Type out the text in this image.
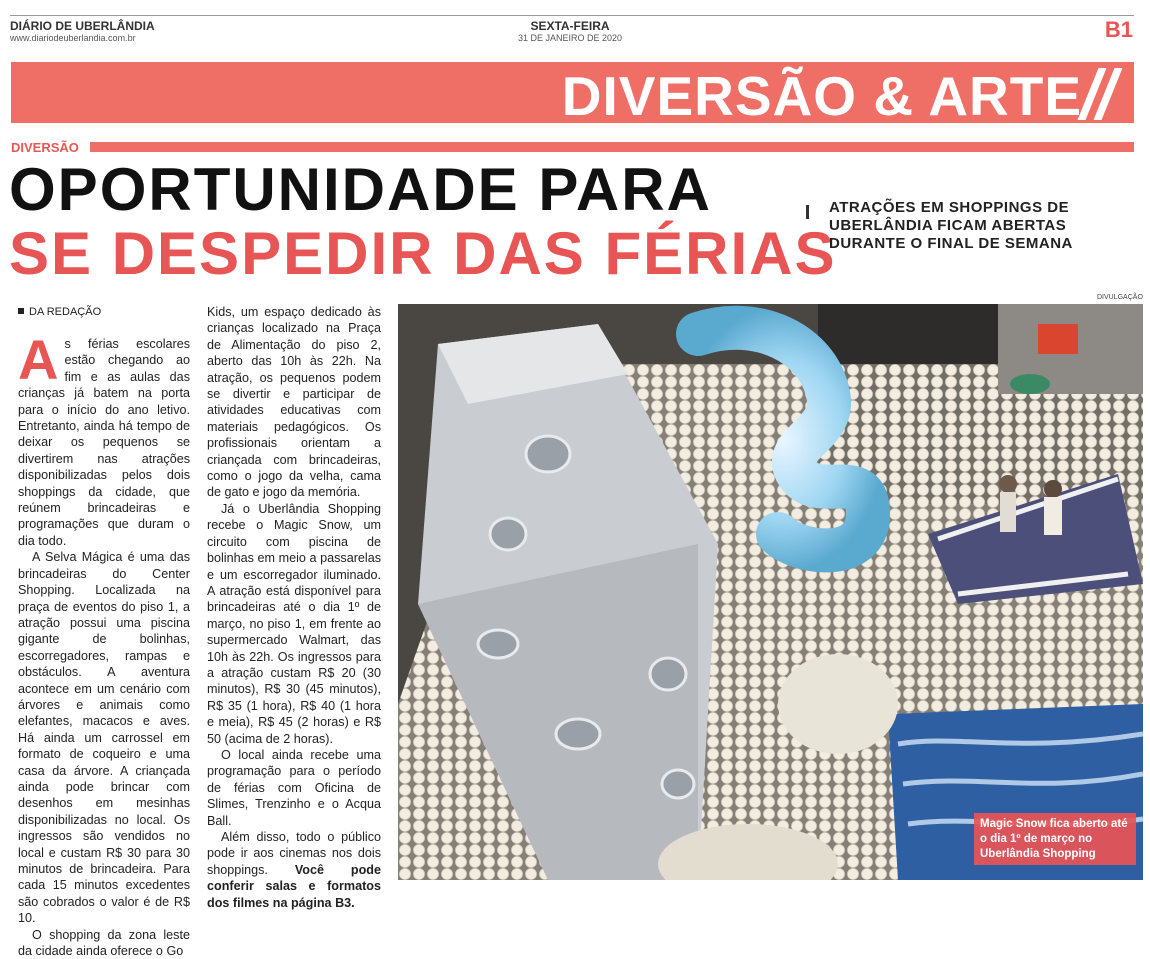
DIÁRIO DE UBERLÂNDIA
www.diariodeuberlandia.com.br
SEXTA-FEIRA
31 DE JANEIRO DE 2020	B1
DIVERSÃO & ARTE
DIVERSÃO
OPORTUNIDADE PARA
SE DESPEDIR DAS FÉRIAS
ATRAÇÕES EM SHOPPINGS DE UBERLÂNDIA FICAM ABERTAS DURANTE O FINAL DE SEMANA
DA REDAÇÃO

As férias escolares estão chegando ao fim e as aulas das crianças já batem na porta para o início do ano letivo. Entretanto, ainda há tempo de deixar os pequenos se divertirem nas atrações disponibilizadas pelos dois shoppings da cidade, que reúnem brincadeiras e programações que duram o dia todo.

A Selva Mágica é uma das brincadeiras do Center Shopping. Localizada na praça de eventos do piso 1, a atração possui uma piscina gigante de bolinhas, escorregadores, rampas e obstáculos. A aventura acontece em um cenário com árvores e animais como elefantes, macacos e aves. Há ainda um carrossel em formato de coqueiro e uma casa da árvore. A criançada ainda pode brincar com desenhos em mesinhas disponibilizadas no local. Os ingressos são vendidos no local e custam R$ 30 para 30 minutos de brincadeira. Para cada 15 minutos excedentes são cobrados o valor é de R$ 10.

O shopping da zona leste da cidade ainda oferece o Go

Kids, um espaço dedicado às crianças localizado na Praça de Alimentação do piso 2, aberto das 10h às 22h. Na atração, os pequenos podem se divertir e participar de atividades educativas com materiais pedagógicos. Os profissionais orientam a criançada com brincadeiras, como o jogo da velha, cama de gato e jogo da memória.

Já o Uberlândia Shopping recebe o Magic Snow, um circuito com piscina de bolinhas em meio a passarelas e um escorregador iluminado. A atração está disponível para brincadeiras até o dia 1º de março, no piso 1, em frente ao supermercado Walmart, das 10h às 22h. Os ingressos para a atração custam R$ 20 (30 minutos), R$ 30 (45 minutos), R$ 35 (1 hora), R$ 40 (1 hora e meia), R$ 45 (2 horas) e R$ 50 (acima de 2 horas).

O local ainda recebe uma programação para o período de férias com Oficina de Slimes, Trenzinho e o Acqua Ball.

Além disso, todo o público pode ir aos cinemas nos dois shoppings. Você pode conferir salas e formatos dos filmes na página B3.

DIVULGAÇÃO
Magic Snow fica aberto até o dia 1º de março no Uberlândia Shopping
